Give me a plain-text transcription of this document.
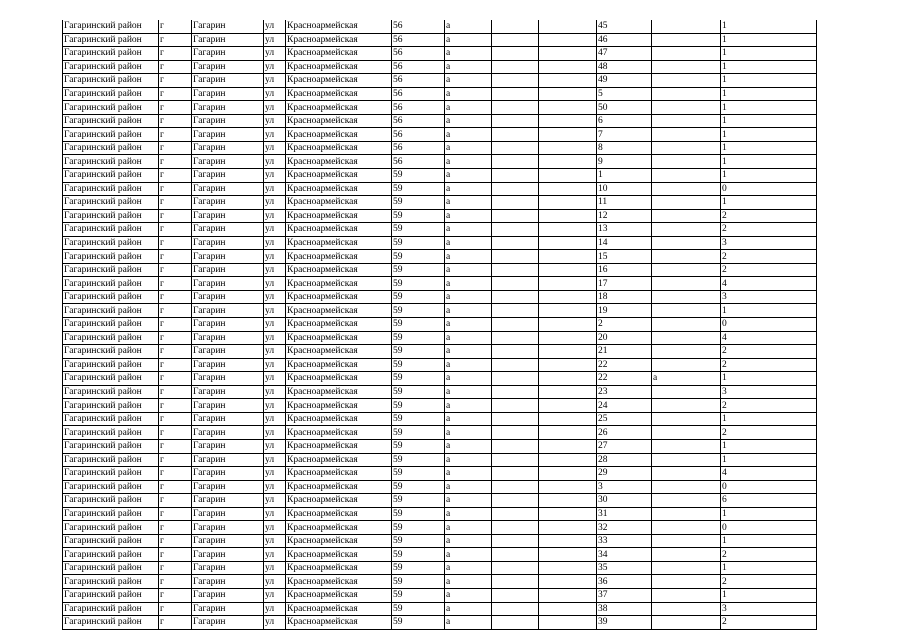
Гагаринский район	г	Гагарин	ул	Красноармейская	56	а			45		1
Гагаринский район	г	Гагарин	ул	Красноармейская	56	а			46		1
Гагаринский район	г	Гагарин	ул	Красноармейская	56	а			47		1
Гагаринский район	г	Гагарин	ул	Красноармейская	56	а			48		1
Гагаринский район	г	Гагарин	ул	Красноармейская	56	а			49		1
Гагаринский район	г	Гагарин	ул	Красноармейская	56	а			5		1
Гагаринский район	г	Гагарин	ул	Красноармейская	56	а			50		1
Гагаринский район	г	Гагарин	ул	Красноармейская	56	а			6		1
Гагаринский район	г	Гагарин	ул	Красноармейская	56	а			7		1
Гагаринский район	г	Гагарин	ул	Красноармейская	56	а			8		1
Гагаринский район	г	Гагарин	ул	Красноармейская	56	а			9		1
Гагаринский район	г	Гагарин	ул	Красноармейская	59	а			1		1
Гагаринский район	г	Гагарин	ул	Красноармейская	59	а			10		0
Гагаринский район	г	Гагарин	ул	Красноармейская	59	а			11		1
Гагаринский район	г	Гагарин	ул	Красноармейская	59	а			12		2
Гагаринский район	г	Гагарин	ул	Красноармейская	59	а			13		2
Гагаринский район	г	Гагарин	ул	Красноармейская	59	а			14		3
Гагаринский район	г	Гагарин	ул	Красноармейская	59	а			15		2
Гагаринский район	г	Гагарин	ул	Красноармейская	59	а			16		2
Гагаринский район	г	Гагарин	ул	Красноармейская	59	а			17		4
Гагаринский район	г	Гагарин	ул	Красноармейская	59	а			18		3
Гагаринский район	г	Гагарин	ул	Красноармейская	59	а			19		1
Гагаринский район	г	Гагарин	ул	Красноармейская	59	а			2		0
Гагаринский район	г	Гагарин	ул	Красноармейская	59	а			20		4
Гагаринский район	г	Гагарин	ул	Красноармейская	59	а			21		2
Гагаринский район	г	Гагарин	ул	Красноармейская	59	а			22		2
Гагаринский район	г	Гагарин	ул	Красноармейская	59	а			22	а	1
Гагаринский район	г	Гагарин	ул	Красноармейская	59	а			23		3
Гагаринский район	г	Гагарин	ул	Красноармейская	59	а			24		2
Гагаринский район	г	Гагарин	ул	Красноармейская	59	а			25		1
Гагаринский район	г	Гагарин	ул	Красноармейская	59	а			26		2
Гагаринский район	г	Гагарин	ул	Красноармейская	59	а			27		1
Гагаринский район	г	Гагарин	ул	Красноармейская	59	а			28		1
Гагаринский район	г	Гагарин	ул	Красноармейская	59	а			29		4
Гагаринский район	г	Гагарин	ул	Красноармейская	59	а			3		0
Гагаринский район	г	Гагарин	ул	Красноармейская	59	а			30		6
Гагаринский район	г	Гагарин	ул	Красноармейская	59	а			31		1
Гагаринский район	г	Гагарин	ул	Красноармейская	59	а			32		0
Гагаринский район	г	Гагарин	ул	Красноармейская	59	а			33		1
Гагаринский район	г	Гагарин	ул	Красноармейская	59	а			34		2
Гагаринский район	г	Гагарин	ул	Красноармейская	59	а			35		1
Гагаринский район	г	Гагарин	ул	Красноармейская	59	а			36		2
Гагаринский район	г	Гагарин	ул	Красноармейская	59	а			37		1
Гагаринский район	г	Гагарин	ул	Красноармейская	59	а			38		3
Гагаринский район	г	Гагарин	ул	Красноармейская	59	а			39		2
